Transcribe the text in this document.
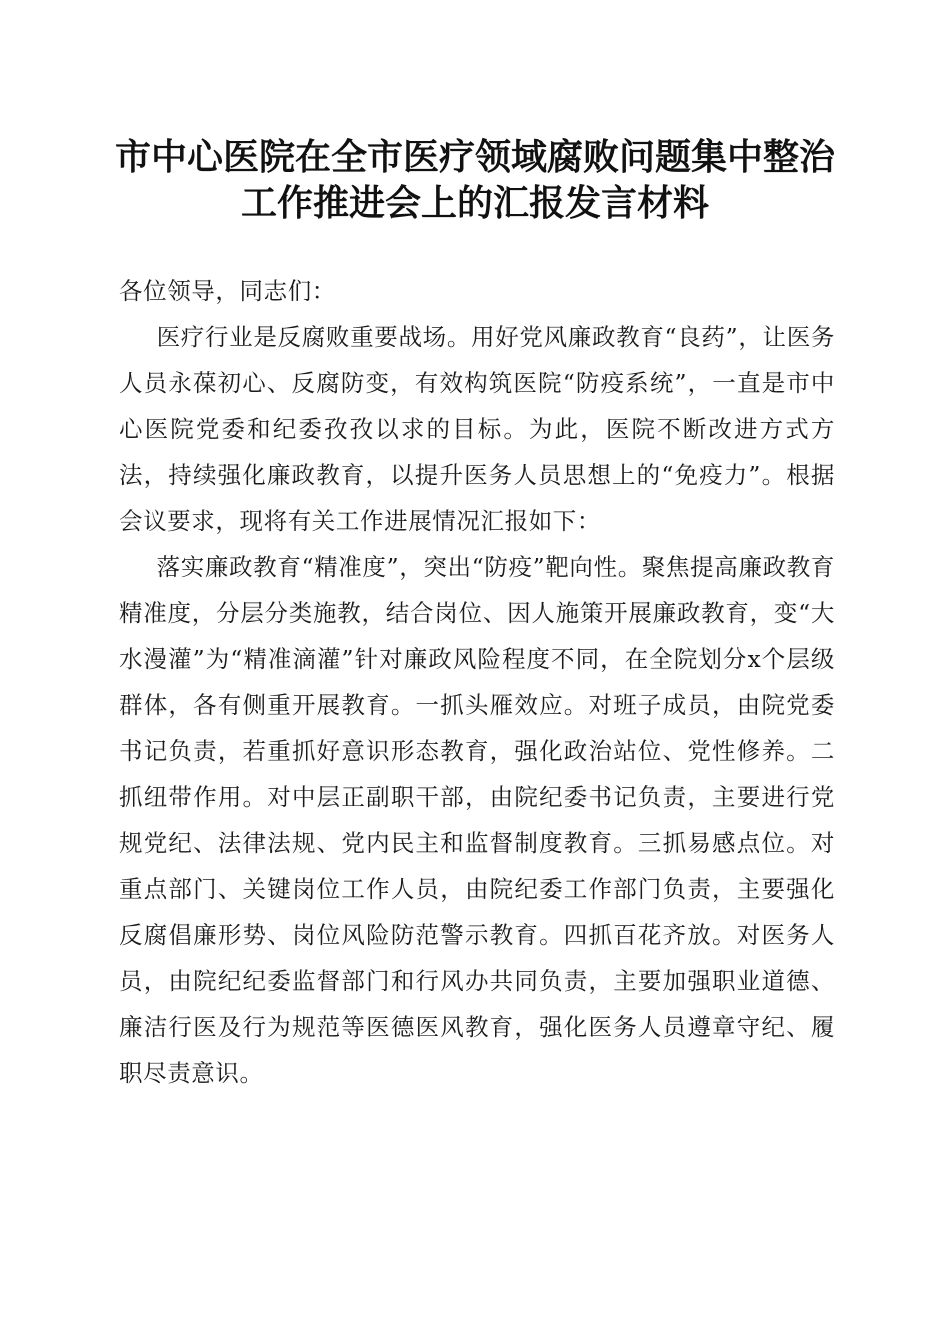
市中心医院在全市医疗领域腐败问题集中整治
工作推进会上的汇报发言材料

各位领导，同志们：

医疗行业是反腐败重要战场。用好党风廉政教育“良药”，让医务人员永葆初心、反腐防变，有效构筑医院“防疫系统”，一直是市中心医院党委和纪委孜孜以求的目标。为此，医院不断改进方式方法，持续强化廉政教育，以提升医务人员思想上的“免疫力”。根据会议要求，现将有关工作进展情况汇报如下：

落实廉政教育“精准度”，突出“防疫”靶向性。聚焦提高廉政教育精准度，分层分类施教，结合岗位、因人施策开展廉政教育，变“大水漫灌”为“精准滴灌”针对廉政风险程度不同，在全院划分x个层级群体，各有侧重开展教育。一抓头雁效应。对班子成员，由院党委书记负责，若重抓好意识形态教育，强化政治站位、党性修养。二抓纽带作用。对中层正副职干部，由院纪委书记负责，主要进行党规党纪、法律法规、党内民主和监督制度教育。三抓易感点位。对重点部门、关键岗位工作人员，由院纪委工作部门负责，主要强化反腐倡廉形势、岗位风险防范警示教育。四抓百花齐放。对医务人员，由院纪纪委监督部门和行风办共同负责，主要加强职业道德、廉洁行医及行为规范等医德医风教育，强化医务人员遵章守纪、履职尽责意识。
